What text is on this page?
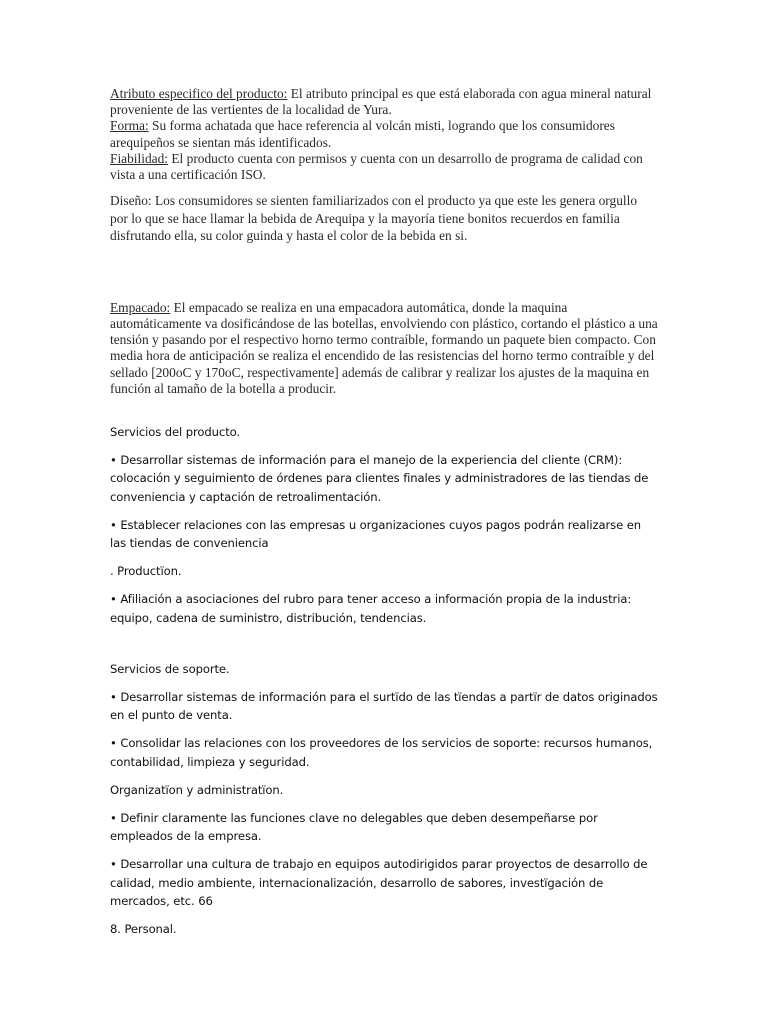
Atributo especifico del producto: El atributo principal es que está elaborada con agua mineral natural proveniente de las vertientes de la localidad de Yura.
Forma: Su forma achatada que hace referencia al volcán misti, logrando que los consumidores arequipeños se sientan más identificados.
Fiabilidad: El producto cuenta con permisos y cuenta con un desarrollo de programa de calidad con vista a una certificación ISO.

Diseño: Los consumidores se sienten familiarizados con el producto ya que este les genera orgullo por lo que se hace llamar la bebida de Arequipa y la mayoría tiene bonitos recuerdos en familia disfrutando ella, su color guinda y hasta el color de la bebida en si.

Empacado: El empacado se realiza en una empacadora automática, donde la maquina automáticamente va dosificándose de las botellas, envolviendo con plástico, cortando el plástico a una tensión y pasando por el respectivo horno termo contraíble, formando un paquete bien compacto. Con media hora de anticipación se realiza el encendido de las resistencias del horno termo contraíble y del sellado [200oC y 170oC, respectivamente] además de calibrar y realizar los ajustes de la maquina en función al tamaño de la botella a producir.

Servicios del producto.

• Desarrollar sistemas de información para el manejo de la experiencia del cliente (CRM): colocación y seguimiento de órdenes para clientes finales y administradores de las tiendas de conveniencia y captación de retroalimentación.

• Establecer relaciones con las empresas u organizaciones cuyos pagos podrán realizarse en las tiendas de conveniencia

. Productїon.

• Afiliación a asociaciones del rubro para tener acceso a información propia de la industria: equipo, cadena de suministro, distribución, tendencias.

Servicios de soporte.

• Desarrollar sistemas de información para el surtїdo de las tїendas a partїr de datos originados en el punto de venta.

• Consolidar las relaciones con los proveedores de los servicios de soporte: recursos humanos, contabilidad, limpieza y seguridad.

Organizatїon y administratїon.

• Definir claramente las funciones clave no delegables que deben desempeñarse por empleados de la empresa.

• Desarrollar una cultura de trabajo en equipos autodirigidos parar proyectos de desarrollo de calidad, medio ambiente, internacionalización, desarrollo de sabores, investїgación de mercados, etc. 66

8. Personal.
